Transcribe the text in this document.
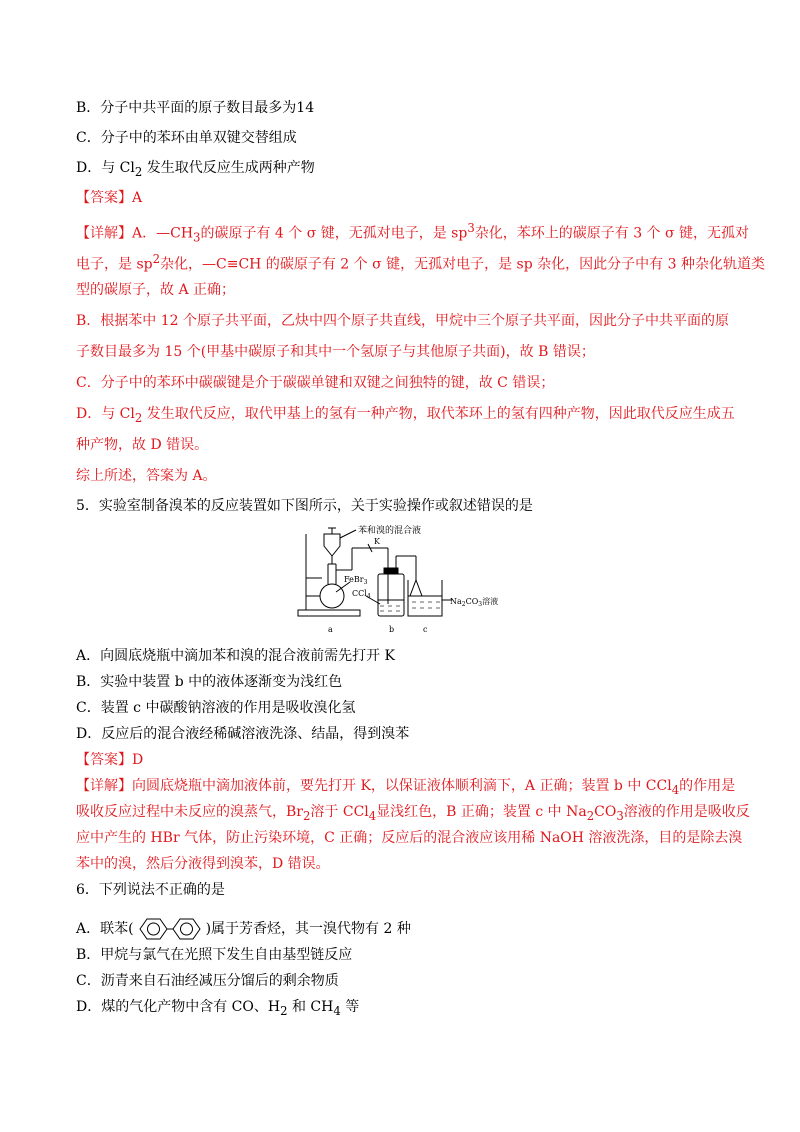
B．分子中共平面的原子数目最多为14
C．分子中的苯环由单双键交替组成
D．与 $Cl_2$ 发生取代反应生成两种产物
【答案】A
【详解】A．$—CH_3$的碳原子有 4 个 σ 键，无孤对电子，是 $sp^3$杂化，苯环上的碳原子有 3 个 σ 键，无孤对
电子，是 $sp^2$杂化，—C≡CH 的碳原子有 2 个 σ 键，无孤对电子，是 sp 杂化，因此分子中有 3 种杂化轨道类
型的碳原子，故 A 正确；
B．根据苯中 12 个原子共平面，乙炔中四个原子共直线，甲烷中三个原子共平面，因此分子中共平面的原
子数目最多为 15 个(甲基中碳原子和其中一个氢原子与其他原子共面)，故 B 错误；
C．分子中的苯环中碳碳键是介于碳碳单键和双键之间独特的键，故 C 错误；
D．与 $Cl_2$ 发生取代反应，取代甲基上的氢有一种产物，取代苯环上的氢有四种产物，因此取代反应生成五
种产物，故 D 错误。
综上所述，答案为 A。
5．实验室制备溴苯的反应装置如下图所示，关于实验操作或叙述错误的是
苯和溴的混合液
K
FeBr$_3$
CCl$_4$
$Na_2CO_3$溶液
a	b	c
A．向圆底烧瓶中滴加苯和溴的混合液前需先打开 K
B．实验中装置 b 中的液体逐渐变为浅红色
C．装置 c 中碳酸钠溶液的作用是吸收溴化氢
D．反应后的混合液经稀碱溶液洗涤、结晶，得到溴苯
【答案】D
【详解】向圆底烧瓶中滴加液体前，要先打开 K，以保证液体顺利滴下，A 正确；装置 b 中 CCl$_4$的作用是
吸收反应过程中未反应的溴蒸气，$Br_2$溶于 CCl$_4$显浅红色，B 正确；装置 c 中 $Na_2CO_3$溶液的作用是吸收反
应中产生的 HBr 气体，防止污染环境，C 正确；反应后的混合液应该用稀 NaOH 溶液洗涤，目的是除去溴
苯中的溴，然后分液得到溴苯，D 错误。
6．下列说法不正确的是
A．联苯(	)属于芳香烃，其一溴代物有 2 种
B．甲烷与氯气在光照下发生自由基型链反应
C．沥青来自石油经减压分馏后的剩余物质
D．煤的气化产物中含有 CO、$H_2$ 和 $CH_4$ 等
